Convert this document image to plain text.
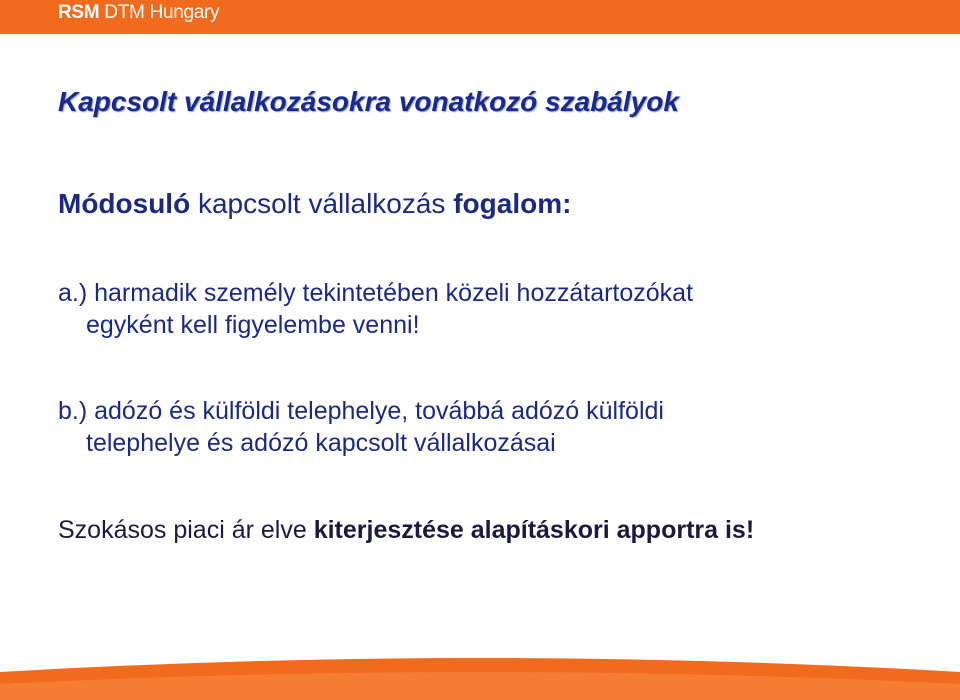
RSM DTM Hungary
Kapcsolt vállalkozásokra vonatkozó szabályok
Módosuló kapcsolt vállalkozás fogalom:
a.) harmadik személy tekintetében közeli hozzátartozókat
egyként kell figyelembe venni!
b.) adózó és külföldi telephelye, továbbá adózó külföldi
telephelye és adózó kapcsolt vállalkozásai
Szokásos piaci ár elve kiterjesztése alapításkori apportra is!
